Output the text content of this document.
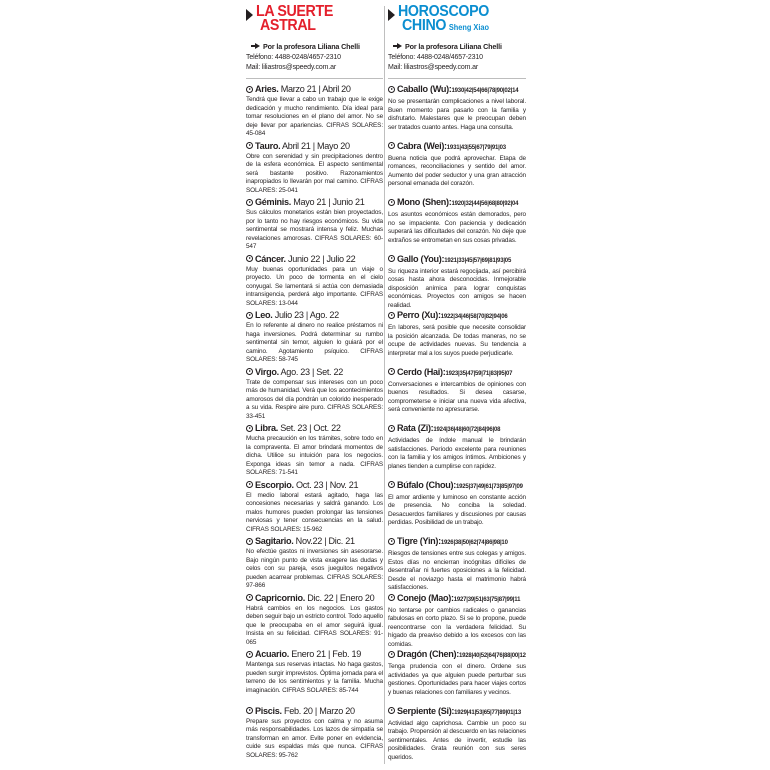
LA SUERTE
ASTRAL
Por la profesora Liliana Chelli
Teléfono: 4488-0248/4657-2310
Mail: liliastros@speedy.com.ar
Aries. Marzo 21 | Abril 20
Tendrá que llevar a cabo un trabajo que le exige dedicación y mucho rendimiento. Día ideal para tomar resoluciones en el plano del amor. No se deje llevar por apariencias. CIFRAS SOLARES: 45-084
Tauro. Abril 21 | Mayo 20
Obre con serenidad y sin precipitaciones dentro de la esfera económica. El aspecto sentimental será bastante positivo. Razonamientos inapropiados lo llevarán por mal camino. CIFRAS SOLARES: 25-041
Géminis. Mayo 21 | Junio 21
Sus cálculos monetarios están bien proyectados, por lo tanto no hay riesgos económicos. Su vida sentimental se mostrará intensa y feliz. Muchas revelaciones amorosas. CIFRAS SOLARES: 60-547
Cáncer. Junio 22 | Julio 22
Muy buenas oportunidades para un viaje o proyecto. Un poco de tormenta en el cielo conyugal. Se lamentará si actúa con demasiada intransigencia, perderá algo importante. CIFRAS SOLARES: 13-044
Leo. Julio 23 | Ago. 22
En lo referente al dinero no realice préstamos ni haga inversiones. Podrá determinar su rumbo sentimental sin temor, alguien lo guiará por el camino. Agotamiento psíquico. CIFRAS SOLARES: 58-745
Virgo. Ago. 23 | Set. 22
Trate de compensar sus intereses con un poco más de humanidad. Verá que los acontecimientos amorosos del día pondrán un colorido inesperado a su vida. Respire aire puro. CIFRAS SOLARES: 33-451
Libra. Set. 23 | Oct. 22
Mucha precaución en los trámites, sobre todo en la compraventa. El amor brindará momentos de dicha. Utilice su intuición para los negocios. Exponga ideas sin temor a nada. CIFRAS SOLARES: 71-541
Escorpio. Oct. 23 | Nov. 21
El medio laboral estará agitado, haga las concesiones necesarias y saldrá ganando. Los malos humores pueden prolongar las tensiones nerviosas y tener consecuencias en la salud. CIFRAS SOLARES: 15-962
Sagitario. Nov.22 | Dic. 21
No efectúe gastos ni inversiones sin asesorarse. Bajo ningún punto de vista exagere las dudas y celos con su pareja, esos jueguitos negativos pueden acarrear problemas. CIFRAS SOLARES: 97-866
Capricornio. Dic. 22 | Enero 20
Habrá cambios en los negocios. Los gastos deben seguir bajo un estricto control. Todo aquello que le preocupaba en el amor seguirá igual. Insista en su felicidad. CIFRAS SOLARES: 91-065
Acuario. Enero 21 | Feb. 19
Mantenga sus reservas intactas. No haga gastos, pueden surgir imprevistos. Óptima jornada para el terreno de los sentimientos y la familia. Mucha imaginación. CIFRAS SOLARES: 85-744
Piscis. Feb. 20 | Marzo 20
Prepare sus proyectos con calma y no asuma más responsabilidades. Los lazos de simpatía se transforman en amor. Evite poner en evidencia, cuide sus espaldas más que nunca. CIFRAS SOLARES: 95-762
HOROSCOPO
CHINO Sheng Xiao
Por la profesora Liliana Chelli
Teléfono: 4488-0248/4657-2310
Mail: liliastros@speedy.com.ar
Caballo (Wu):1930|42|54|66|78|90|02|14
No se presentarán complicaciones a nivel laboral. Buen momento para pasarlo con la familia y disfrutarlo. Malestares que le preocupan deben ser tratados cuanto antes. Haga una consulta.
Cabra (Wei):1931|43|55|67|79|91|03
Buena noticia que podrá aprovechar. Etapa de romances, reconciliaciones y sentido del amor. Aumento del poder seductor y una gran atracción personal emanada del corazón.
Mono (Shen):1920|32|44|56|68|80|92|04
Los asuntos económicos están demorados, pero no se impaciente. Con paciencia y dedicación superará las dificultades del corazón. No deje que extraños se entrometan en sus cosas privadas.
Gallo (You):1921|33|45|57|69|81|93|05
Su riqueza interior estará regocijada, así percibirá cosas hasta ahora desconocidas. Inmejorable disposición anímica para lograr conquistas económicas. Proyectos con amigos se hacen realidad.
Perro (Xu):1922|34|46|58|70|82|94|06
En labores, será posible que necesite consolidar la posición alcanzada. De todas maneras, no se ocupe de actividades nuevas. Su tendencia a interpretar mal a los suyos puede perjudicarle.
Cerdo (Hai):1923|35|47|59|71|83|95|07
Conversaciones e intercambios de opiniones con buenos resultados. Si desea casarse, comprometerse e iniciar una nueva vida afectiva, será conveniente no apresurarse.
Rata (Zi):1924|36|48|60|72|84|96|08
Actividades de índole manual le brindarán satisfacciones. Período excelente para reuniones con la familia y los amigos íntimos. Ambiciones y planes tienden a cumplirse con rapidez.
Búfalo (Chou):1925|37|49|61|73|85|97|09
El amor ardiente y luminoso en constante acción de presencia. No conciba la soledad. Desacuerdos familiares y discusiones por causas perdidas. Posibilidad de un trabajo.
Tigre (Yin):1926|38|50|62|74|86|98|10
Riesgos de tensiones entre sus colegas y amigos. Estos días no encierran incógnitas difíciles de desentrañar ni fuertes oposiciones a la felicidad. Desde el noviazgo hasta el matrimonio habrá satisfacciones.
Conejo (Mao):1927|39|51|63|75|87|99|11
No tentarse por cambios radicales o ganancias fabulosas en corto plazo. Si se lo propone, puede reencontrarse con la verdadera felicidad. Su hígado da preaviso debido a los excesos con las comidas.
Dragón (Chen):1928|40|52|64|76|88|00|12
Tenga prudencia con el dinero. Ordene sus actividades ya que alguien puede perturbar sus gestiones. Oportunidades para hacer viajes cortos y buenas relaciones con familiares y vecinos.
Serpiente (Si):1929|41|53|65|77|89|01|13
Actividad algo caprichosa. Cambie un poco su trabajo. Propensión al descuerdo en las relaciones sentimentales. Antes de invertir, estudie las posibilidades. Grata reunión con sus seres queridos.
